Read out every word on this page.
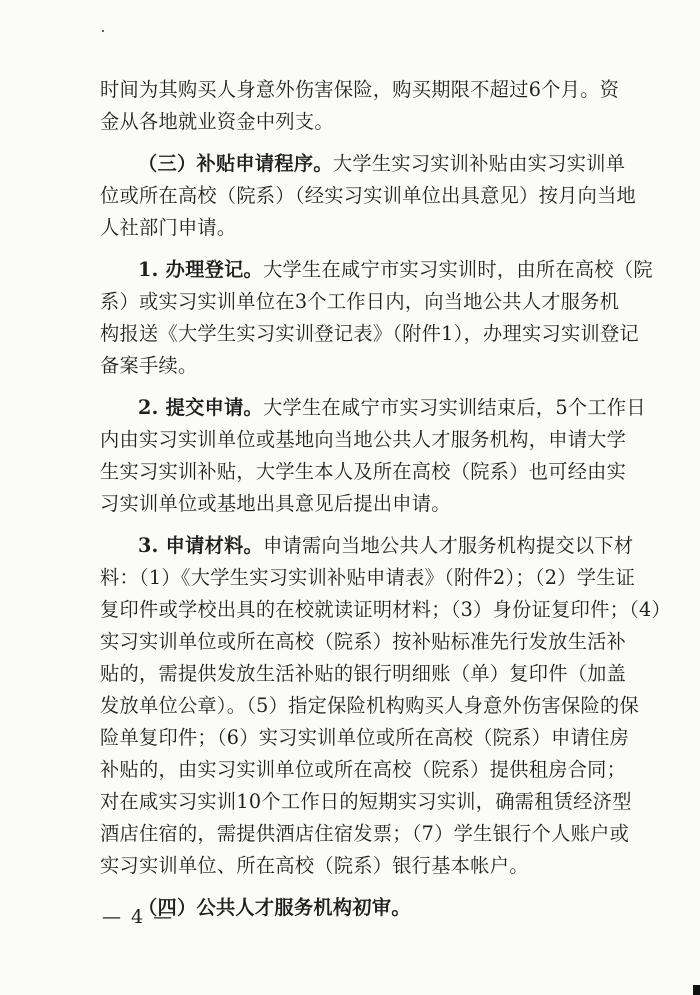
时间为其购买人身意外伤害保险，购买期限不超过6个月。资
金从各地就业资金中列支。
（三）补贴申请程序。大学生实习实训补贴由实习实训单
位或所在高校（院系）（经实习实训单位出具意见）按月向当地
人社部门申请。
1. 办理登记。大学生在咸宁市实习实训时，由所在高校（院
系）或实习实训单位在3个工作日内，向当地公共人才服务机
构报送《大学生实习实训登记表》（附件1），办理实习实训登记
备案手续。
2. 提交申请。大学生在咸宁市实习实训结束后，5个工作日
内由实习实训单位或基地向当地公共人才服务机构，申请大学
生实习实训补贴，大学生本人及所在高校（院系）也可经由实
习实训单位或基地出具意见后提出申请。
3. 申请材料。申请需向当地公共人才服务机构提交以下材
料：（1）《大学生实习实训补贴申请表》（附件2）；（2）学生证
复印件或学校出具的在校就读证明材料；（3）身份证复印件；（4）
实习实训单位或所在高校（院系）按补贴标准先行发放生活补
贴的，需提供发放生活补贴的银行明细账（单）复印件（加盖
发放单位公章）。（5）指定保险机构购买人身意外伤害保险的保
险单复印件；（6）实习实训单位或所在高校（院系）申请住房
补贴的，由实习实训单位或所在高校（院系）提供租房合同；
对在咸实习实训10个工作日的短期实习实训，确需租赁经济型
酒店住宿的，需提供酒店住宿发票；（7）学生银行个人账户或
实习实训单位、所在高校（院系）银行基本帐户。
（四）公共人才服务机构初审。
— 4 —
